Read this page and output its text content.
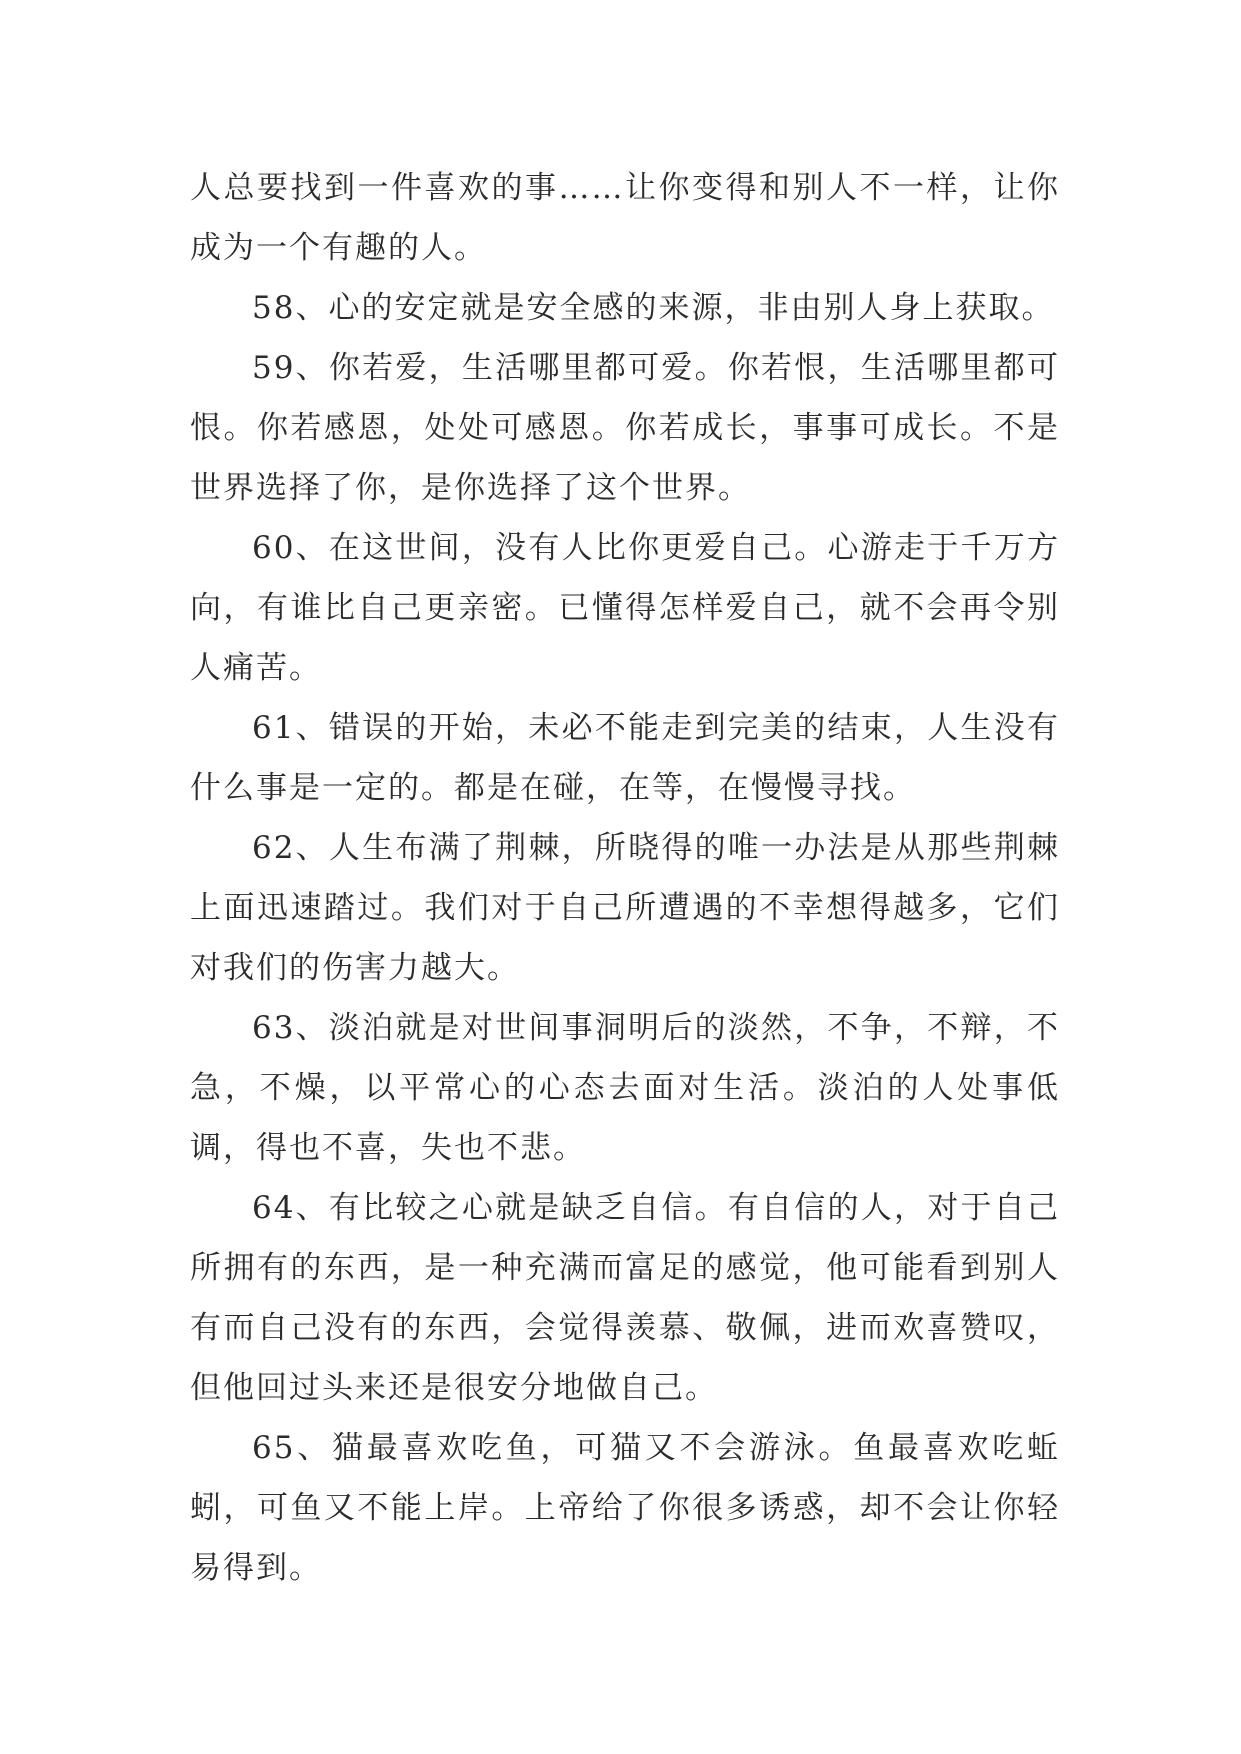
人总要找到一件喜欢的事……让你变得和别人不一样，让你成为一个有趣的人。

58、心的安定就是安全感的来源，非由别人身上获取。

59、你若爱，生活哪里都可爱。你若恨，生活哪里都可恨。你若感恩，处处可感恩。你若成长，事事可成长。不是世界选择了你，是你选择了这个世界。

60、在这世间，没有人比你更爱自己。心游走于千万方向，有谁比自己更亲密。已懂得怎样爱自己，就不会再令别人痛苦。

61、错误的开始，未必不能走到完美的结束，人生没有什么事是一定的。都是在碰，在等，在慢慢寻找。

62、人生布满了荆棘，所晓得的唯一办法是从那些荆棘上面迅速踏过。我们对于自己所遭遇的不幸想得越多，它们对我们的伤害力越大。

63、淡泊就是对世间事洞明后的淡然，不争，不辩，不急，不燥，以平常心的心态去面对生活。淡泊的人处事低调，得也不喜，失也不悲。

64、有比较之心就是缺乏自信。有自信的人，对于自己所拥有的东西，是一种充满而富足的感觉，他可能看到别人有而自己没有的东西，会觉得羡慕、敬佩，进而欢喜赞叹，但他回过头来还是很安分地做自己。

65、猫最喜欢吃鱼，可猫又不会游泳。鱼最喜欢吃蚯蚓，可鱼又不能上岸。上帝给了你很多诱惑，却不会让你轻易得到。
